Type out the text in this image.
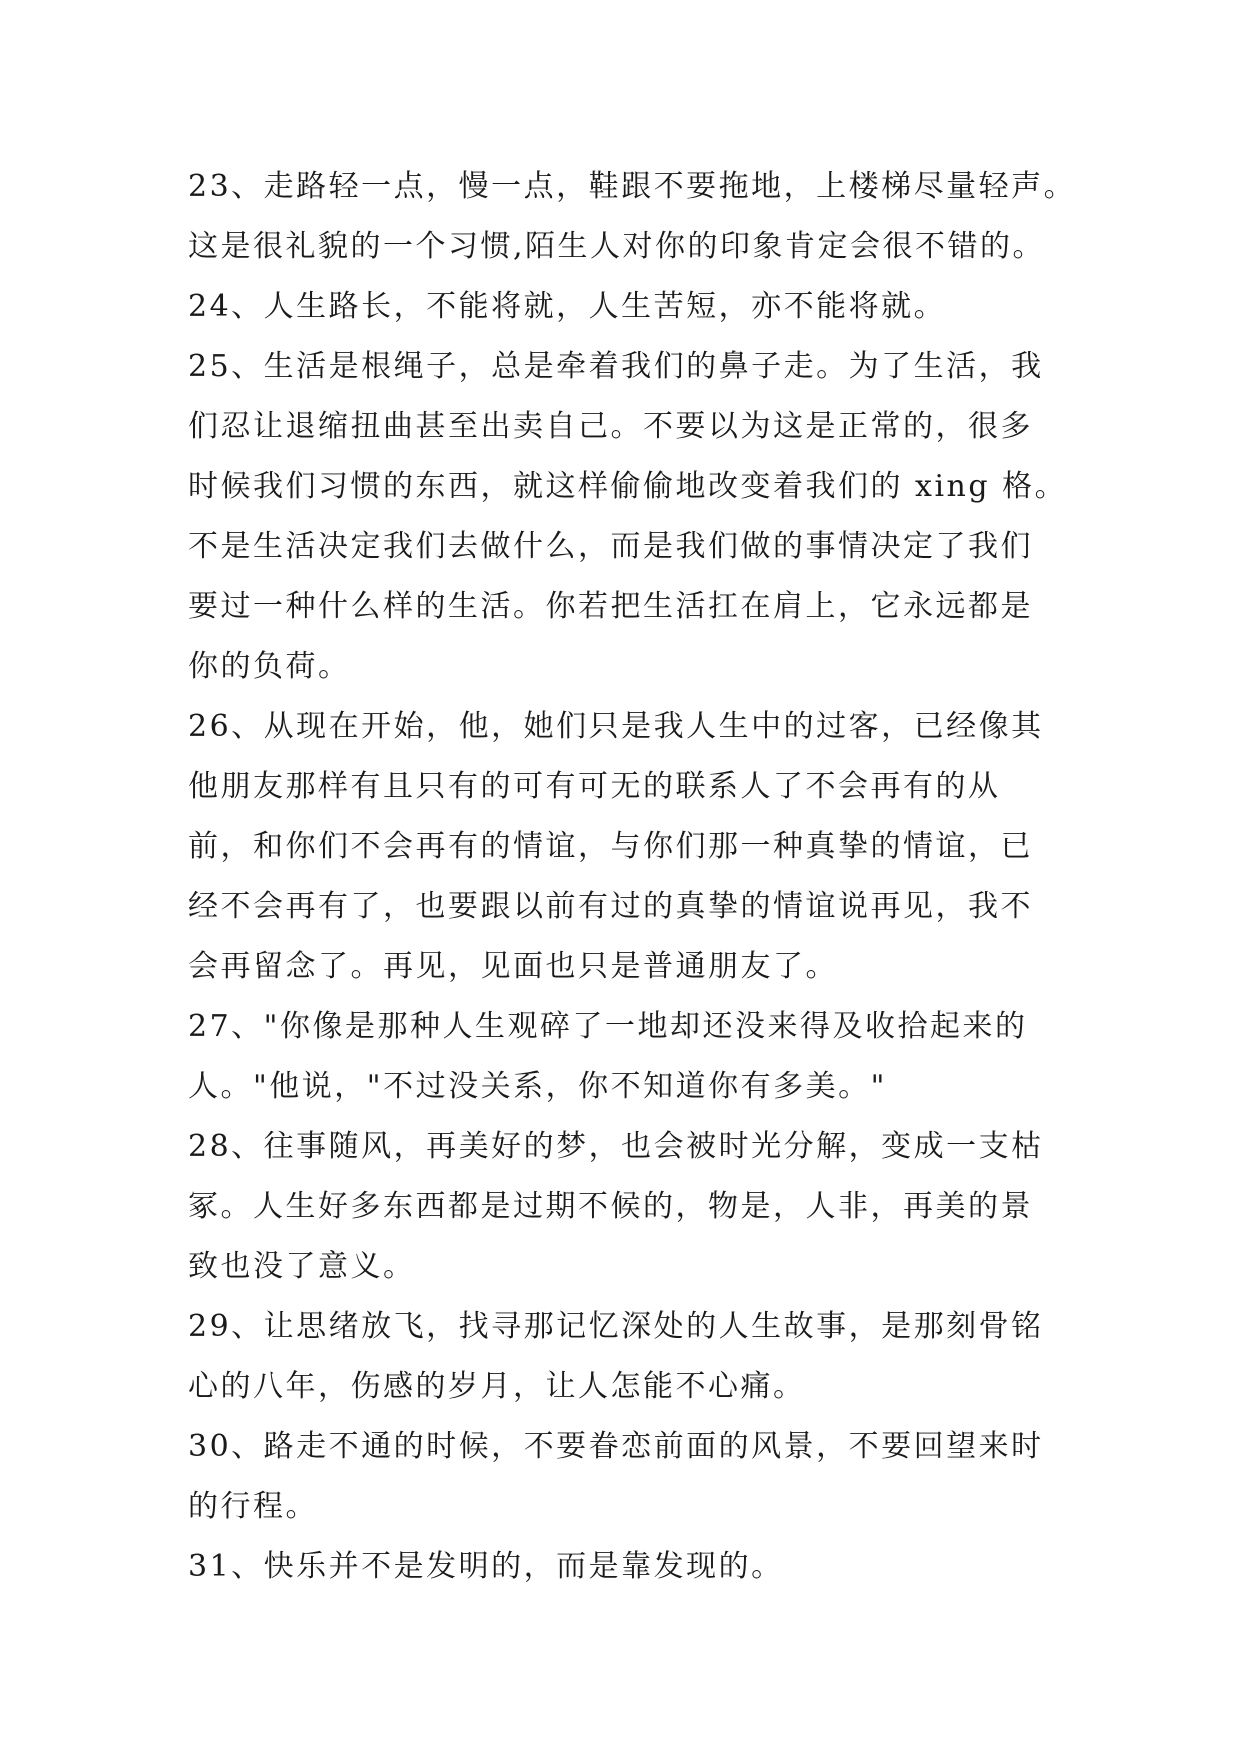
23、走路轻一点，慢一点，鞋跟不要拖地，上楼梯尽量轻声。
这是很礼貌的一个习惯,陌生人对你的印象肯定会很不错的。
24、人生路长，不能将就，人生苦短，亦不能将就。
25、生活是根绳子，总是牵着我们的鼻子走。为了生活，我
们忍让退缩扭曲甚至出卖自己。不要以为这是正常的，很多
时候我们习惯的东西，就这样偷偷地改变着我们的 xing 格。
不是生活决定我们去做什么，而是我们做的事情决定了我们
要过一种什么样的生活。你若把生活扛在肩上，它永远都是
你的负荷。
26、从现在开始，他，她们只是我人生中的过客，已经像其
他朋友那样有且只有的可有可无的联系人了不会再有的从
前，和你们不会再有的情谊，与你们那一种真挚的情谊，已
经不会再有了，也要跟以前有过的真挚的情谊说再见，我不
会再留念了。再见，见面也只是普通朋友了。
27、"你像是那种人生观碎了一地却还没来得及收拾起来的
人。"他说，"不过没关系，你不知道你有多美。"
28、往事随风，再美好的梦，也会被时光分解，变成一支枯
冢。人生好多东西都是过期不候的，物是，人非，再美的景
致也没了意义。
29、让思绪放飞，找寻那记忆深处的人生故事，是那刻骨铭
心的八年，伤感的岁月，让人怎能不心痛。
30、路走不通的时候，不要眷恋前面的风景，不要回望来时
的行程。
31、快乐并不是发明的，而是靠发现的。
